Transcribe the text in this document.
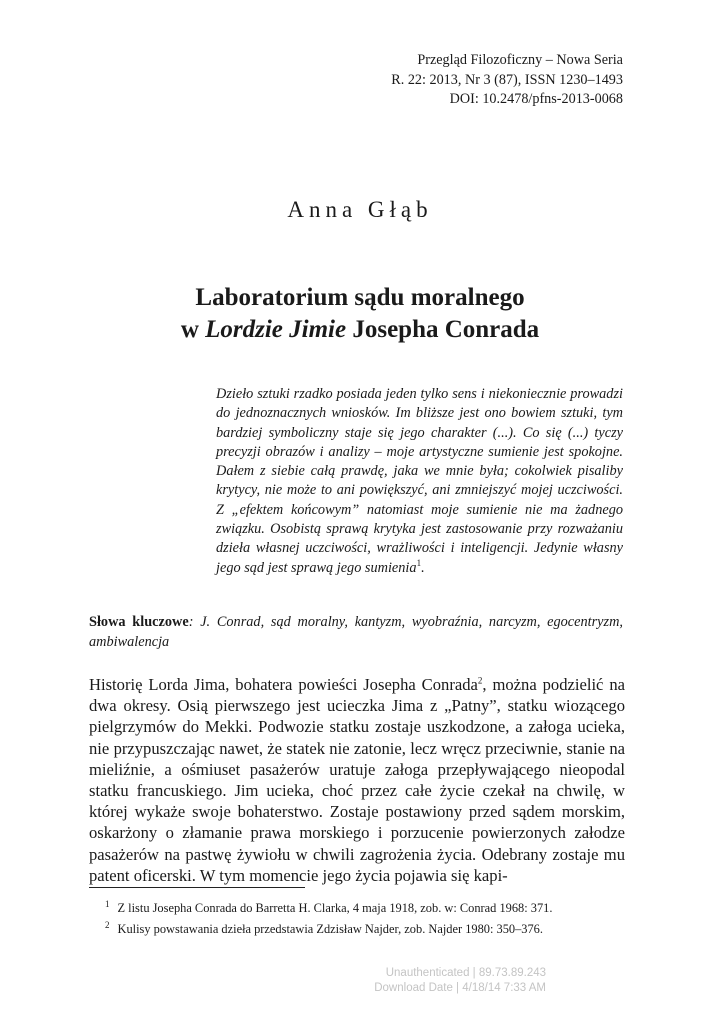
Przegląd Filozoficzny – Nowa Seria
R. 22: 2013, Nr 3 (87), ISSN 1230–1493
DOI: 10.2478/pfns-2013-0068
Anna Głąb
Laboratorium sądu moralnego
w Lordzie Jimie Josepha Conrada
Dzieło sztuki rzadko posiada jeden tylko sens i niekoniecznie prowadzi do jednoznacznych wniosków. Im bliższe jest ono bowiem sztuki, tym bardziej symboliczny staje się jego charakter (...). Co się (...) tyczy precyzji obrazów i analizy – moje artystyczne sumienie jest spokojne. Dałem z siebie całą prawdę, jaka we mnie była; cokolwiek pisaliby krytycy, nie może to ani powiększyć, ani zmniejszyć mojej uczciwości. Z „efektem końcowym” natomiast moje sumienie nie ma żadnego związku. Osobistą sprawą krytyka jest zastosowanie przy rozważaniu dzieła własnej uczciwości, wrażliwości i inteligencji. Jedynie własny jego sąd jest sprawą jego sumienia$^1$.
Słowa kluczowe: J. Conrad, sąd moralny, kantyzm, wyobraźnia, narcyzm, egocentryzm, ambiwalencja

Historię Lorda Jima, bohatera powieści Josepha Conrada$^2$, można podzielić na dwa okresy. Osią pierwszego jest ucieczka Jima z „Patny”, statku wiozącego pielgrzymów do Mekki. Podwozie statku zostaje uszkodzone, a załoga ucieka, nie przypuszczając nawet, że statek nie zatonie, lecz wręcz przeciwnie, stanie na mieliźnie, a ośmiuset pasażerów uratuje załoga przepływającego nieopodal statku francuskiego. Jim ucieka, choć przez całe życie czekał na chwilę, w której wykaże swoje bohaterstwo. Zostaje postawiony przed sądem morskim, oskarżony o złamanie prawa morskiego i porzucenie powierzonych załodze pasażerów na pastwę żywiołu w chwili zagrożenia życia. Odebrany zostaje mu patent oficerski. W tym momencie jego życia pojawia się kapi-

$^1$ Z listu Josepha Conrada do Barretta H. Clarka, 4 maja 1918, zob. w: Conrad 1968: 371.
$^2$ Kulisy powstawania dzieła przedstawia Zdzisław Najder, zob. Najder 1980: 350–376.
Unauthenticated | 89.73.89.243
Download Date | 4/18/14 7:33 AM
